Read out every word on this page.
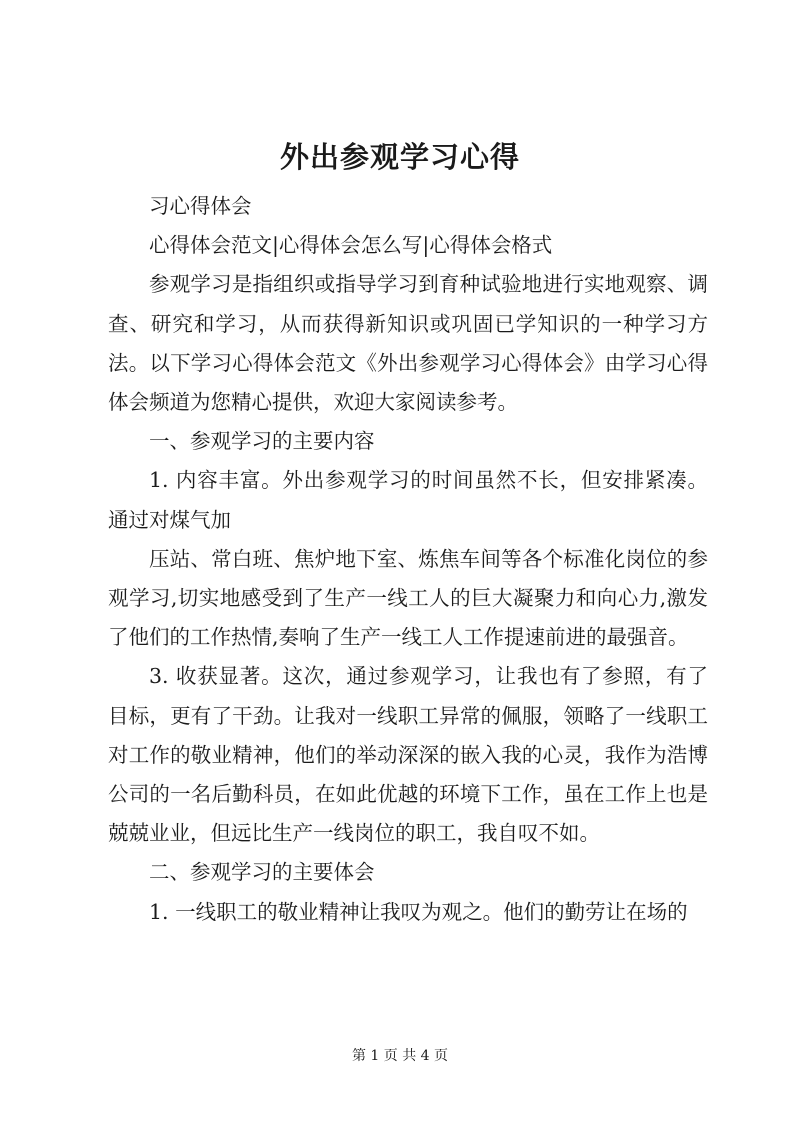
外出参观学习心得

习心得体会

心得体会范文|心得体会怎么写|心得体会格式

参观学习是指组织或指导学习到育种试验地进行实地观察、调查、研究和学习，从而获得新知识或巩固已学知识的一种学习方法。以下学习心得体会范文《外出参观学习心得体会》由学习心得体会频道为您精心提供，欢迎大家阅读参考。

一、参观学习的主要内容

1. 内容丰富。外出参观学习的时间虽然不长，但安排紧凑。通过对煤气加

压站、常白班、焦炉地下室、炼焦车间等各个标准化岗位的参观学习,切实地感受到了生产一线工人的巨大凝聚力和向心力,激发了他们的工作热情,奏响了生产一线工人工作提速前进的最强音。

3. 收获显著。这次，通过参观学习，让我也有了参照，有了目标，更有了干劲。让我对一线职工异常的佩服，领略了一线职工对工作的敬业精神，他们的举动深深的嵌入我的心灵，我作为浩博公司的一名后勤科员，在如此优越的环境下工作，虽在工作上也是兢兢业业，但远比生产一线岗位的职工，我自叹不如。

二、参观学习的主要体会

1. 一线职工的敬业精神让我叹为观之。他们的勤劳让在场的

第 1 页 共 4 页
